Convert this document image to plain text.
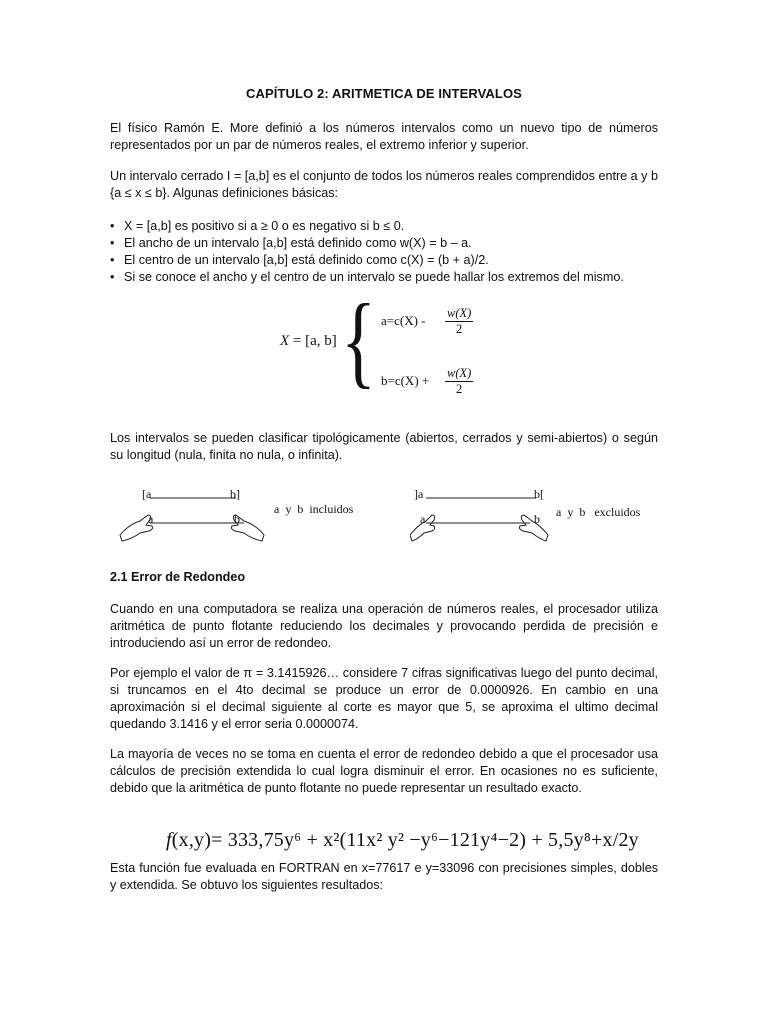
CAPÍTULO 2: ARITMETICA DE INTERVALOS
El físico Ramón E. More definió a los números intervalos como un nuevo tipo de números representados por un par de números reales, el extremo inferior y superior.
Un intervalo cerrado I = [a,b] es el conjunto de todos los números reales comprendidos entre a y b {a ≤ x ≤ b}. Algunas definiciones básicas:
• X = [a,b] es positivo si a ≥ 0 o es negativo si b ≤ 0.
• El ancho de un intervalo [a,b] está definido como w(X) = b – a.
• El centro de un intervalo [a,b] está definido como c(X) = (b + a)/2.
• Si se conoce el ancho y el centro de un intervalo se puede hallar los extremos del mismo.
X = [a, b] { $a=c(X) - \frac{w(X)}{2}$
$b=c(X) + \frac{w(X)}{2}$
Los intervalos se pueden clasificar tipológicamente (abiertos, cerrados y semi-abiertos) o según su longitud (nula, finita no nula, o infinita).
[a	b]
a	b
a  y  b  incluidos
]a	b[
a	b a  y  b   excluidos
2.1 Error de Redondeo
Cuando en una computadora se realiza una operación de números reales, el procesador utiliza aritmética de punto flotante reduciendo los decimales y provocando perdida de precisión e introduciendo así un error de redondeo.
Por ejemplo el valor de π = 3.1415926… considere 7 cifras significativas luego del punto decimal, si truncamos en el 4to decimal se produce un error de 0.0000926. En cambio en una aproximación si el decimal siguiente al corte es mayor que 5, se aproxima el ultimo decimal quedando 3.1416 y el error seria 0.0000074.
La mayoría de veces no se toma en cuenta el error de redondeo debido a que el procesador usa cálculos de precisión extendida lo cual logra disminuir el error. En ocasiones no es suficiente, debido que la aritmética de punto flotante no puede representar un resultado exacto.
f(x,y)= 333,75y⁶ + x²(11x² y² −y⁶−121y⁴−2) + 5,5y⁸+x/2y
Esta función fue evaluada en FORTRAN en x=77617 e y=33096 con precisiones simples, dobles y extendida. Se obtuvo los siguientes resultados:
